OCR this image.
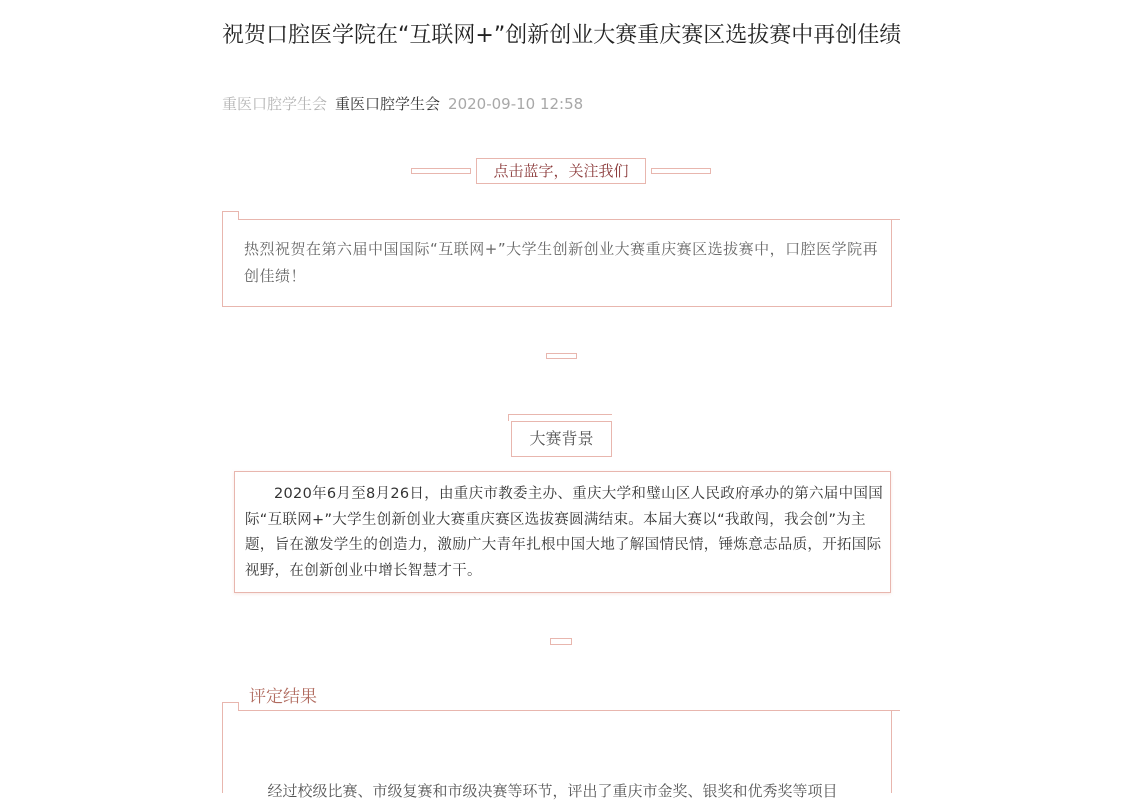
祝贺口腔医学院在“互联网+”创新创业大赛重庆赛区选拔赛中再创佳绩
重医口腔学生会 重医口腔学生会 2020-09-10 12:58
点击蓝字，关注我们
热烈祝贺在第六届中国国际“互联网+”大学生创新创业大赛重庆赛区选拔赛中，口腔医学院再创佳绩！
大赛背景
2020年6月至8月26日，由重庆市教委主办、重庆大学和璧山区人民政府承办的第六届中国国际“互联网+”大学生创新创业大赛重庆赛区选拔赛圆满结束。本届大赛以“我敢闯，我会创”为主题，旨在激发学生的创造力，激励广大青年扎根中国大地了解国情民情，锤炼意志品质，开拓国际视野，在创新创业中增长智慧才干。
评定结果
经过校级比赛、市级复赛和市级决赛等环节，评出了重庆市金奖、银奖和优秀奖等项目
